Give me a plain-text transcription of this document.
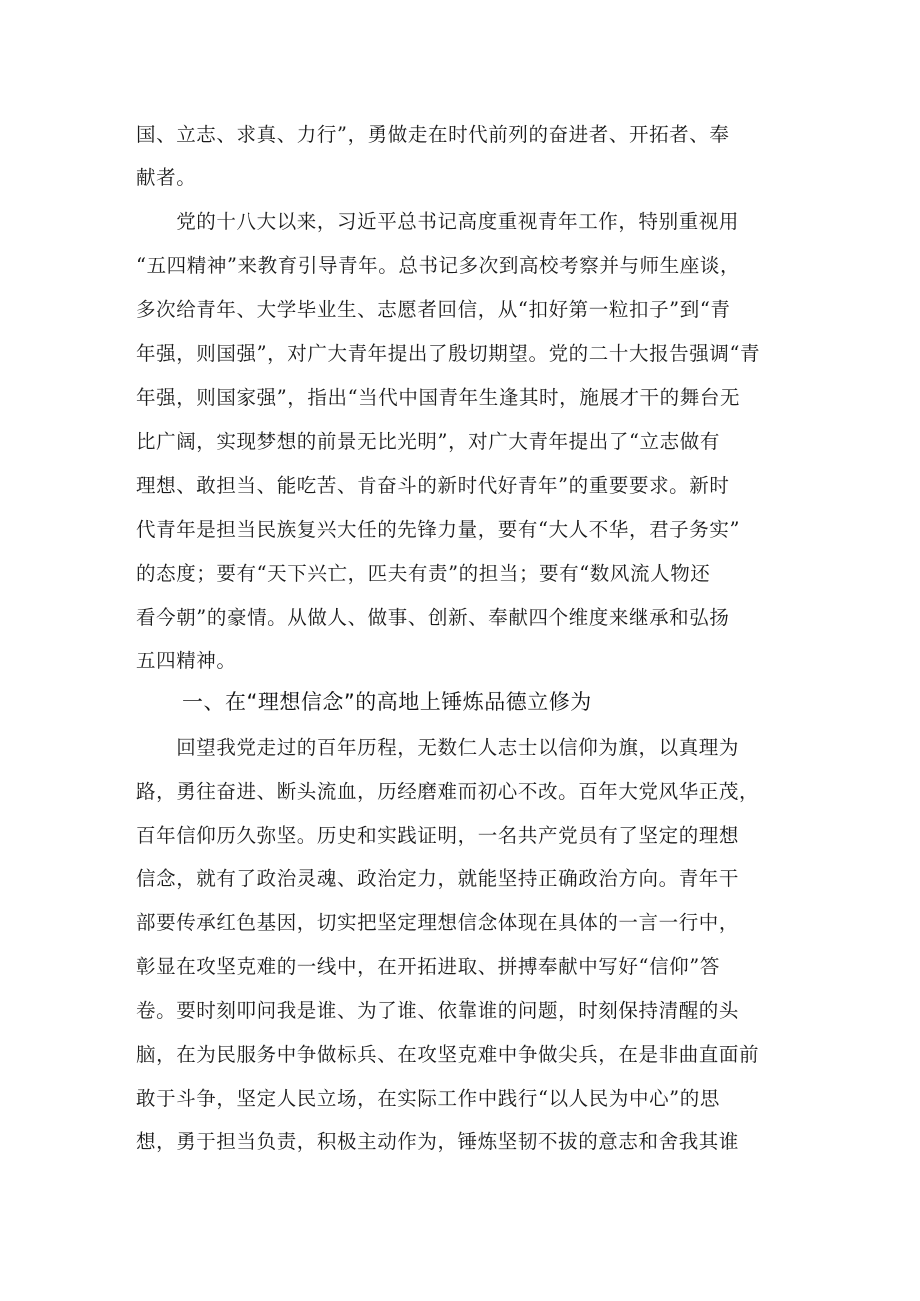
国、立志、求真、力行”，勇做走在时代前列的奋进者、开拓者、奉
献者。
　　党的十八大以来，习近平总书记高度重视青年工作，特别重视用
“五四精神”来教育引导青年。总书记多次到高校考察并与师生座谈，
多次给青年、大学毕业生、志愿者回信，从“扣好第一粒扣子”到“青
年强，则国强”，对广大青年提出了殷切期望。党的二十大报告强调“青
年强，则国家强”，指出“当代中国青年生逢其时，施展才干的舞台无
比广阔，实现梦想的前景无比光明”，对广大青年提出了“立志做有
理想、敢担当、能吃苦、肯奋斗的新时代好青年”的重要要求。新时
代青年是担当民族复兴大任的先锋力量，要有“大人不华，君子务实”
的态度；要有“天下兴亡，匹夫有责”的担当；要有“数风流人物还
看今朝”的豪情。从做人、做事、创新、奉献四个维度来继承和弘扬
五四精神。
一、在“理想信念”的高地上锤炼品德立修为
　　回望我党走过的百年历程，无数仁人志士以信仰为旗，以真理为
路，勇往奋进、断头流血，历经磨难而初心不改。百年大党风华正茂，
百年信仰历久弥坚。历史和实践证明，一名共产党员有了坚定的理想
信念，就有了政治灵魂、政治定力，就能坚持正确政治方向。青年干
部要传承红色基因，切实把坚定理想信念体现在具体的一言一行中，
彰显在攻坚克难的一线中，在开拓进取、拼搏奉献中写好“信仰”答
卷。要时刻叩问我是谁、为了谁、依靠谁的问题，时刻保持清醒的头
脑，在为民服务中争做标兵、在攻坚克难中争做尖兵，在是非曲直面前
敢于斗争，坚定人民立场，在实际工作中践行“以人民为中心”的思
想，勇于担当负责，积极主动作为，锤炼坚韧不拔的意志和舍我其谁
